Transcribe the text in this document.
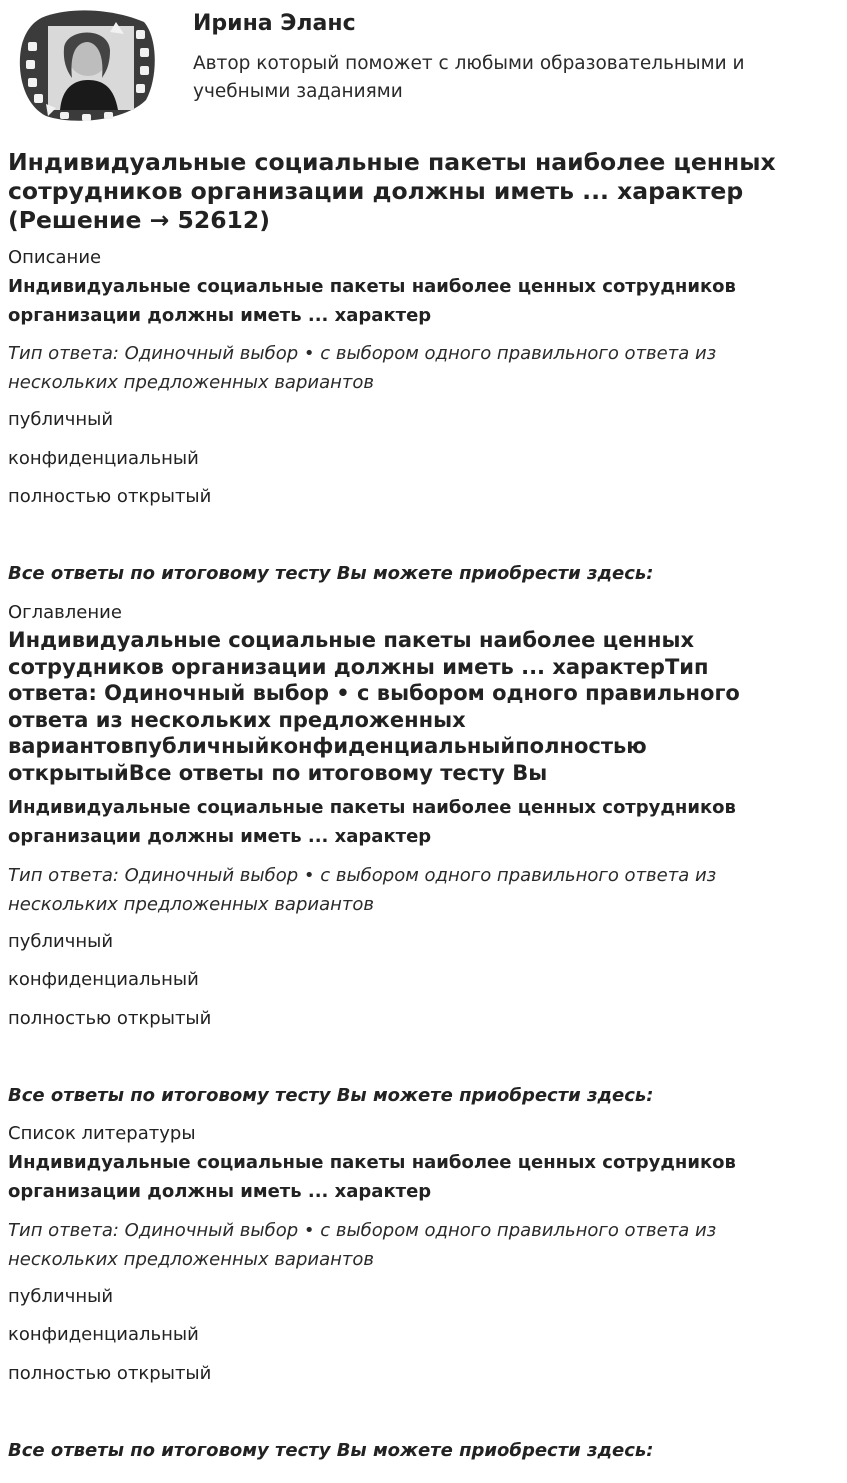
Ирина Эланс
Автор который поможет с любыми образовательными и учебными заданиями
Индивидуальные социальные пакеты наиболее ценных сотрудников организации должны иметь ... характер (Решение → 52612)
Описание
Индивидуальные социальные пакеты наиболее ценных сотрудников организации должны иметь ... характер
Тип ответа: Одиночный выбор • с выбором одного правильного ответа из нескольких предложенных вариантов
публичный
конфиденциальный
полностью открытый
Все ответы по итоговому тесту Вы можете приобрести здесь:
Оглавление
Индивидуальные социальные пакеты наиболее ценных сотрудников организации должны иметь ... характерТип ответа: Одиночный выбор • с выбором одного правильного ответа из нескольких предложенных вариантовпубличныйконфиденциальныйполностью открытыйВсе ответы по итоговому тесту Вы
Индивидуальные социальные пакеты наиболее ценных сотрудников организации должны иметь ... характер
Тип ответа: Одиночный выбор • с выбором одного правильного ответа из нескольких предложенных вариантов
публичный
конфиденциальный
полностью открытый
Все ответы по итоговому тесту Вы можете приобрести здесь:
Список литературы
Индивидуальные социальные пакеты наиболее ценных сотрудников организации должны иметь ... характер
Тип ответа: Одиночный выбор • с выбором одного правильного ответа из нескольких предложенных вариантов
публичный
конфиденциальный
полностью открытый
Все ответы по итоговому тесту Вы можете приобрести здесь:
